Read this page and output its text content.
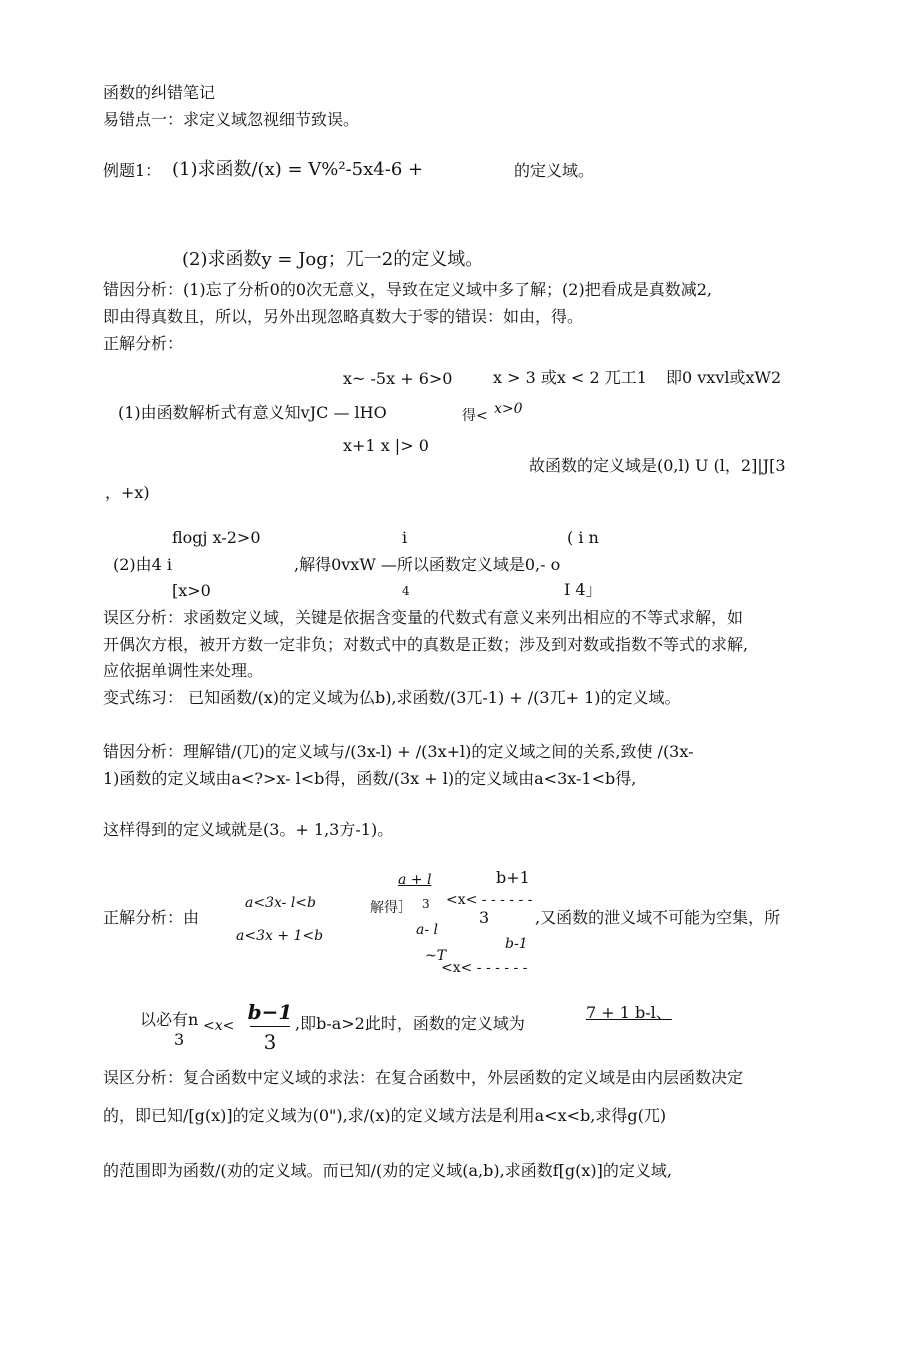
函数的纠错笔记
易错点一：求定义域忽视细节致误。
例题1： (1)求函数/(x) = V%²-5x4-6 +	的定义域。
(2)求函数y = Jog；兀一2的定义域。
错因分析：(1)忘了分析0的0次无意义，导致在定义域中多了解；(2)把看成是真数减2,
即由得真数且，所以，另外出现忽略真数大于零的错误：如由，得。
正解分析：
x~ -5x + 6>0	x > 3 或x < 2 兀工1 即0 vxvl或xW2
(1)由函数解析式有意义知vJC — lHO	得< x>0
x+1 x |> 0
故函数的定义域是(0,l) U (l，2]|J[3
，+x)
flogj x-2>0	i	( i n
(2)由4 i	,解得0vxW —所以函数定义域是0,- o
[x>0	4	I 4」
误区分析：求函数定义域，关键是依据含变量的代数式有意义来列出相应的不等式求解，如
开偶次方根，被开方数一定非负；对数式中的真数是正数；涉及到对数或指数不等式的求解,
应依据单调性来处理。
变式练习： 已知函数/(x)的定义域为仏b),求函数/(3兀-1) + /(3兀+ 1)的定义域。
错因分析：理解错/(兀)的定义域与/(3x-l) + /(3x+l)的定义域之间的关系,致使 /(3x-
1)函数的定义域由a<?>x- l<b得，函数/(3x + l)的定义域由a<3x-1<b得,
这样得到的定义域就是(3。+ 1,3方-1)。
正解分析：由
a<3x- l<b
a<3x + 1<b
a + l	b+1
解得］ 3 <x< - - - - - -
3	,又函数的泄义域不可能为空集，所
a- l
b-1
~T
<x< - - - - - -
以必有n <x<
b−1
3
3
,即b-a>2此时，函数的定义域为
7 + 1 b-l、
误区分析：复合函数中定义域的求法：在复合函数中，外层函数的定义域是由内层函数决定
的，即已知/[g(x)]的定义域为(0"),求/(x)的定义域方法是利用a<x<b,求得g(兀)
的范围即为函数/(劝的定义域。而已知/(劝的定义域(a,b),求函数f[g(x)]的定义域,
